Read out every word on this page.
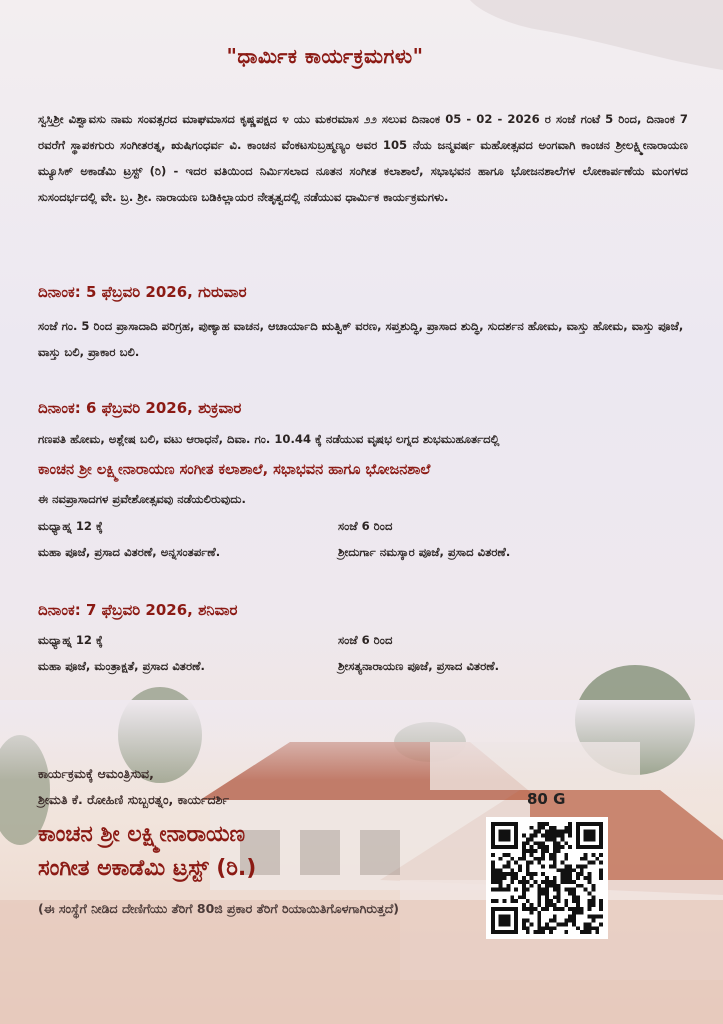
"ಧಾರ್ಮಿಕ ಕಾರ್ಯಕ್ರಮಗಳು"

ಸ್ವಸ್ತಿಶ್ರೀ ವಿಶ್ವಾವಸು ನಾಮ ಸಂವತ್ಸರದ ಮಾಘಮಾಸದ ಕೃಷ್ಣಪಕ್ಷದ ೪ ಯು ಮಕರಮಾಸ ೨೨ ಸಲುವ ದಿನಾಂಕ 05 - 02 - 2026 ರ ಸಂಜೆ ಗಂಟೆ 5 ರಿಂದ, ದಿನಾಂಕ 7 ರವರೆಗೆ ಸ್ಥಾಪಕಗುರು ಸಂಗೀತರತ್ನ, ಋಷಿಗಂಧರ್ವ ವಿ. ಕಾಂಚನ ವೆಂಕಟಸುಬ್ರಹ್ಮಣ್ಯಂ ಅವರ 105 ನೆಯ ಜನ್ಮವರ್ಷ ಮಹೋತ್ಸವದ ಅಂಗವಾಗಿ ಕಾಂಚನ ಶ್ರೀಲಕ್ಷ್ಮೀನಾರಾಯಣ ಮ್ಯೂಸಿಕ್ ಅಕಾಡೆಮಿ ಟ್ರಸ್ಟ್ (ರಿ) - ಇದರ ವತಿಯಿಂದ ನಿರ್ಮಿಸಲಾದ ನೂತನ ಸಂಗೀತ ಕಲಾಶಾಲೆ, ಸಭಾಭವನ ಹಾಗೂ ಭೋಜನಶಾಲೆಗಳ ಲೋಕಾರ್ಪಣೆಯ ಮಂಗಳದ ಸುಸಂದರ್ಭದಲ್ಲಿ ವೇ. ಬ್ರ. ಶ್ರೀ. ನಾರಾಯಣ ಬಡಿಕಿಲ್ಲಾಯರ ನೇತೃತ್ವದಲ್ಲಿ ನಡೆಯುವ ಧಾರ್ಮಿಕ ಕಾರ್ಯಕ್ರಮಗಳು.

ದಿನಾಂಕ: 5 ಫೆಬ್ರವರಿ 2026, ಗುರುವಾರ

ಸಂಜೆ ಗಂ. 5 ರಿಂದ ಪ್ರಾಸಾದಾದಿ ಪರಿಗ್ರಹ, ಪುಣ್ಯಾಹ ವಾಚನ, ಆಚಾರ್ಯಾದಿ ಋತ್ವಿಕ್ ವರಣ, ಸಪ್ತಶುದ್ಧಿ, ಪ್ರಾಸಾದ ಶುದ್ಧಿ, ಸುದರ್ಶನ ಹೋಮ, ವಾಸ್ತು ಹೋಮ, ವಾಸ್ತು ಪೂಜೆ, ವಾಸ್ತು ಬಲಿ, ಪ್ರಾಕಾರ ಬಲಿ.

ದಿನಾಂಕ: 6 ಫೆಬ್ರವರಿ 2026, ಶುಕ್ರವಾರ

ಗಣಪತಿ ಹೋಮ, ಅಶ್ಲೇಷ ಬಲಿ, ವಟು ಆರಾಧನೆ, ದಿವಾ. ಗಂ. 10.44 ಕ್ಕೆ ನಡೆಯುವ ವೃಷಭ ಲಗ್ನದ ಶುಭಮುಹೂರ್ತದಲ್ಲಿ

ಕಾಂಚನ ಶ್ರೀ ಲಕ್ಷ್ಮೀನಾರಾಯಣ ಸಂಗೀತ ಕಲಾಶಾಲೆ, ಸಭಾಭವನ ಹಾಗೂ ಭೋಜನಶಾಲೆ
ಈ ನವಪ್ರಾಸಾದಗಳ ಪ್ರವೇಶೋತ್ಸವವು ನಡೆಯಲಿರುವುದು.
ಮಧ್ಯಾಹ್ನ 12 ಕ್ಕೆ
ಮಹಾ ಪೂಜೆ, ಪ್ರಸಾದ ವಿತರಣೆ, ಅನ್ನಸಂತರ್ಪಣೆ.
ಸಂಜೆ 6 ರಿಂದ
ಶ್ರೀದುರ್ಗಾ ನಮಸ್ಕಾರ ಪೂಜೆ, ಪ್ರಸಾದ ವಿತರಣೆ.
ದಿನಾಂಕ: 7 ಫೆಬ್ರವರಿ 2026, ಶನಿವಾರ
ಮಧ್ಯಾಹ್ನ 12 ಕ್ಕೆ
ಮಹಾ ಪೂಜೆ, ಮಂತ್ರಾಕ್ಷತೆ, ಪ್ರಸಾದ ವಿತರಣೆ.
ಸಂಜೆ 6 ರಿಂದ
ಶ್ರೀಸತ್ಯನಾರಾಯಣ ಪೂಜೆ, ಪ್ರಸಾದ ವಿತರಣೆ.
ಕಾರ್ಯಕ್ರಮಕ್ಕೆ ಆಮಂತ್ರಿಸುವ,
ಶ್ರೀಮತಿ ಕೆ. ರೋಹಿಣಿ ಸುಬ್ಬರತ್ನಂ, ಕಾರ್ಯದರ್ಶಿ
ಕಾಂಚನ ಶ್ರೀ ಲಕ್ಷ್ಮೀನಾರಾಯಣ
ಸಂಗೀತ ಅಕಾಡೆಮಿ ಟ್ರಸ್ಟ್ (ರಿ.)

(ಈ ಸಂಸ್ಥೆಗೆ ನೀಡಿದ ದೇಣಿಗೆಯು ತೆರಿಗೆ 80ಜಿ ಪ್ರಕಾರ ತೆರಿಗೆ ರಿಯಾಯಿತಿಗೊಳಗಾಗಿರುತ್ತದೆ)

80 G
